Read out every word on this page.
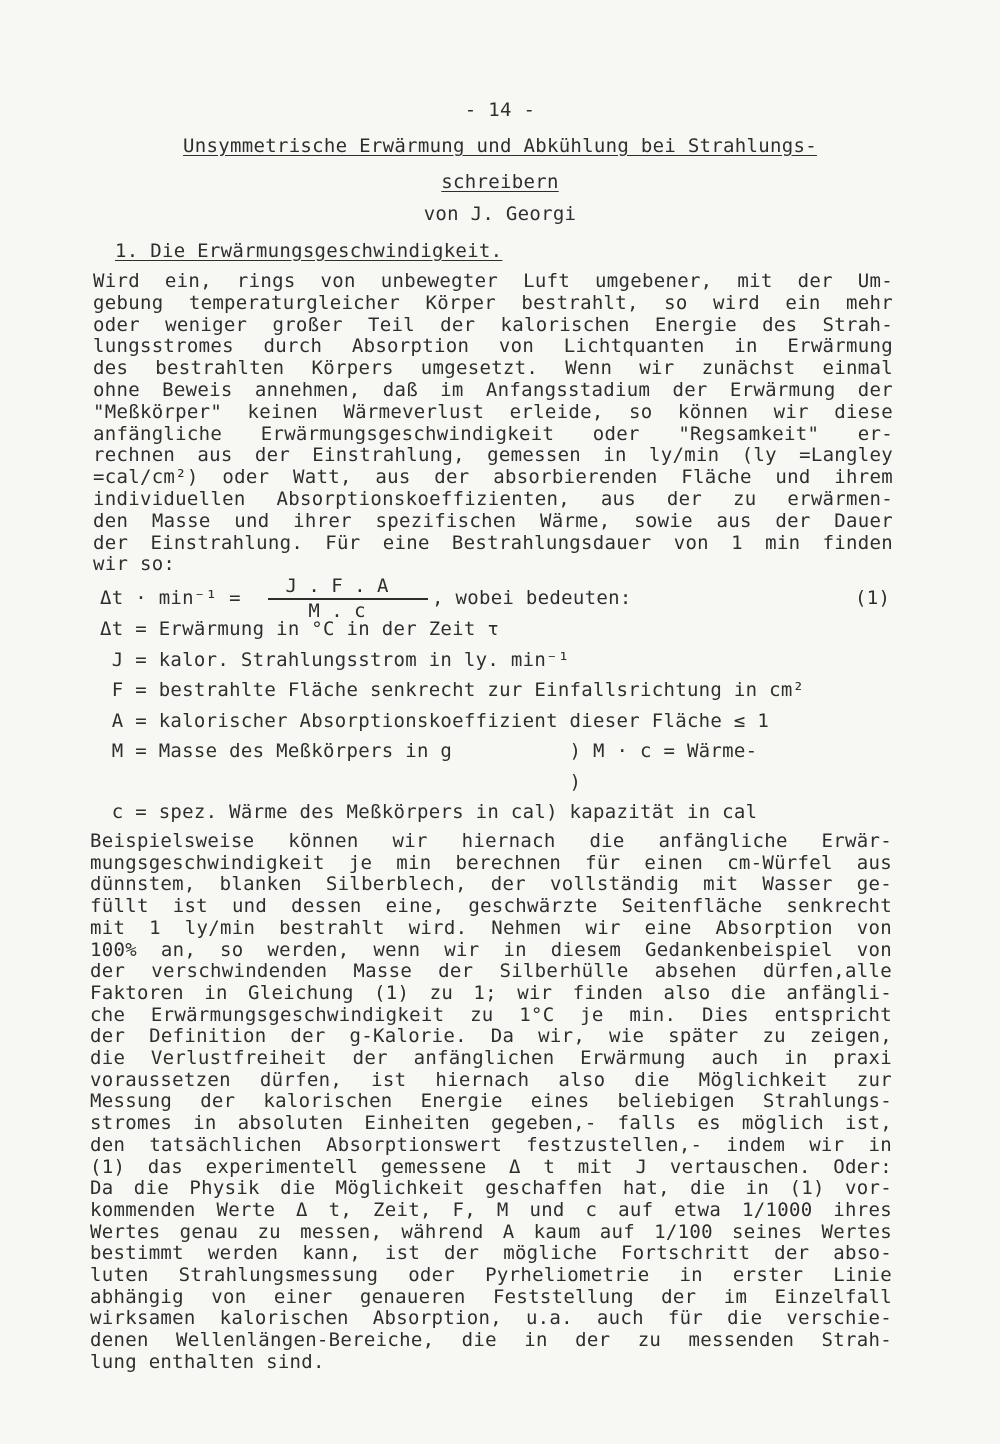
- 14 -
Unsymmetrische Erwärmung und Abkühlung bei Strahlungs-
schreibern
von J. Georgi
1. Die Erwärmungsgeschwindigkeit.
Wird ein, rings von unbewegter Luft umgebener, mit der Um-
gebung temperaturgleicher Körper bestrahlt, so wird ein mehr
oder weniger großer Teil der kalorischen Energie des Strah-
lungsstromes durch Absorption von Lichtquanten in Erwärmung
des bestrahlten Körpers umgesetzt. Wenn wir zunächst einmal
ohne Beweis annehmen, daß im Anfangsstadium der Erwärmung der
"Meßkörper" keinen Wärmeverlust erleide, so können wir diese
anfängliche Erwärmungsgeschwindigkeit oder "Regsamkeit" er-
rechnen aus der Einstrahlung, gemessen in ly/min (ly =Langley
=cal/cm²) oder Watt, aus der absorbierenden Fläche und ihrem
individuellen Absorptionskoeffizienten, aus der zu erwärmen-
den Masse und ihrer spezifischen Wärme, sowie aus der Dauer
der Einstrahlung. Für eine Bestrahlungsdauer von 1 min finden
wir so:
Δt · min⁻¹ =
J . F . A
M . c
, wobei bedeuten:	(1)
Δt = Erwärmung in °C in der Zeit τ
J = kalor. Strahlungsstrom in ly. min⁻¹
F = bestrahlte Fläche senkrecht zur Einfallsrichtung in cm²
A = kalorischer Absorptionskoeffizient dieser Fläche ≤ 1
M = Masse des Meßkörpers in g          ) M · c = Wärme-
)
c = spez. Wärme des Meßkörpers in cal) kapazität in cal
Beispielsweise können wir hiernach die anfängliche Erwär-
mungsgeschwindigkeit je min berechnen für einen cm-Würfel aus
dünnstem, blanken Silberblech, der vollständig mit Wasser ge-
füllt ist und dessen eine, geschwärzte Seitenfläche senkrecht
mit 1 ly/min bestrahlt wird. Nehmen wir eine Absorption von
100% an, so werden, wenn wir in diesem Gedankenbeispiel von
der verschwindenden Masse der Silberhülle absehen dürfen,alle
Faktoren in Gleichung (1) zu 1; wir finden also die anfängli-
che Erwärmungsgeschwindigkeit zu 1°C je min. Dies entspricht
der Definition der g-Kalorie. Da wir, wie später zu zeigen,
die Verlustfreiheit der anfänglichen Erwärmung auch in praxi
voraussetzen dürfen, ist hiernach also die Möglichkeit zur
Messung der kalorischen Energie eines beliebigen Strahlungs-
stromes in absoluten Einheiten gegeben,- falls es möglich ist,
den tatsächlichen Absorptionswert festzustellen,- indem wir in
(1) das experimentell gemessene Δ t mit J vertauschen. Oder:
Da die Physik die Möglichkeit geschaffen hat, die in (1) vor-
kommenden Werte Δ t, Zeit, F, M und c auf etwa 1/1000 ihres
Wertes genau zu messen, während A kaum auf 1/100 seines Wertes
bestimmt werden kann, ist der mögliche Fortschritt der abso-
luten Strahlungsmessung oder Pyrheliometrie in erster Linie
abhängig von einer genaueren Feststellung der im Einzelfall
wirksamen kalorischen Absorption, u.a. auch für die verschie-
denen Wellenlängen-Bereiche, die in der zu messenden Strah-
lung enthalten sind.
